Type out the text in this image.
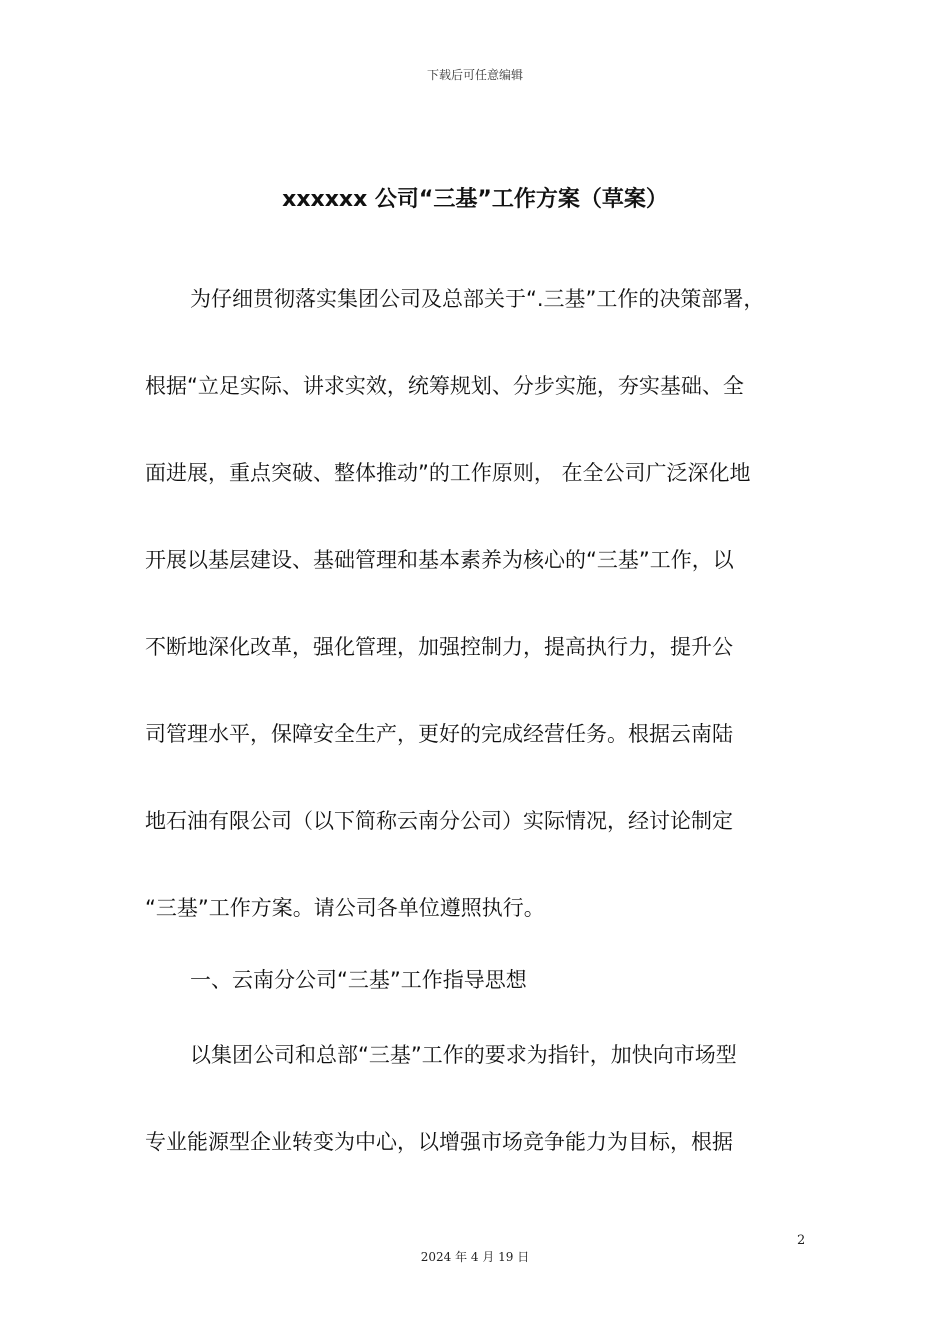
下载后可任意编辑
xxxxxx 公司“三基”工作方案（草案）
为仔细贯彻落实集团公司及总部关于“.三基”工作的决策部署，
根据“立足实际、讲求实效，统筹规划、分步实施，夯实基础、全
面进展，重点突破、整体推动”的工作原则， 在全公司广泛深化地
开展以基层建设、基础管理和基本素养为核心的“三基”工作，以
不断地深化改革，强化管理，加强控制力，提高执行力，提升公
司管理水平，保障安全生产，更好的完成经营任务。根据云南陆
地石油有限公司（以下简称云南分公司）实际情况，经讨论制定
“三基”工作方案。请公司各单位遵照执行。
一、云南分公司“三基”工作指导思想
以集团公司和总部“三基”工作的要求为指针，加快向市场型
专业能源型企业转变为中心，以增强市场竞争能力为目标，根据
2
2024 年 4 月 19 日
